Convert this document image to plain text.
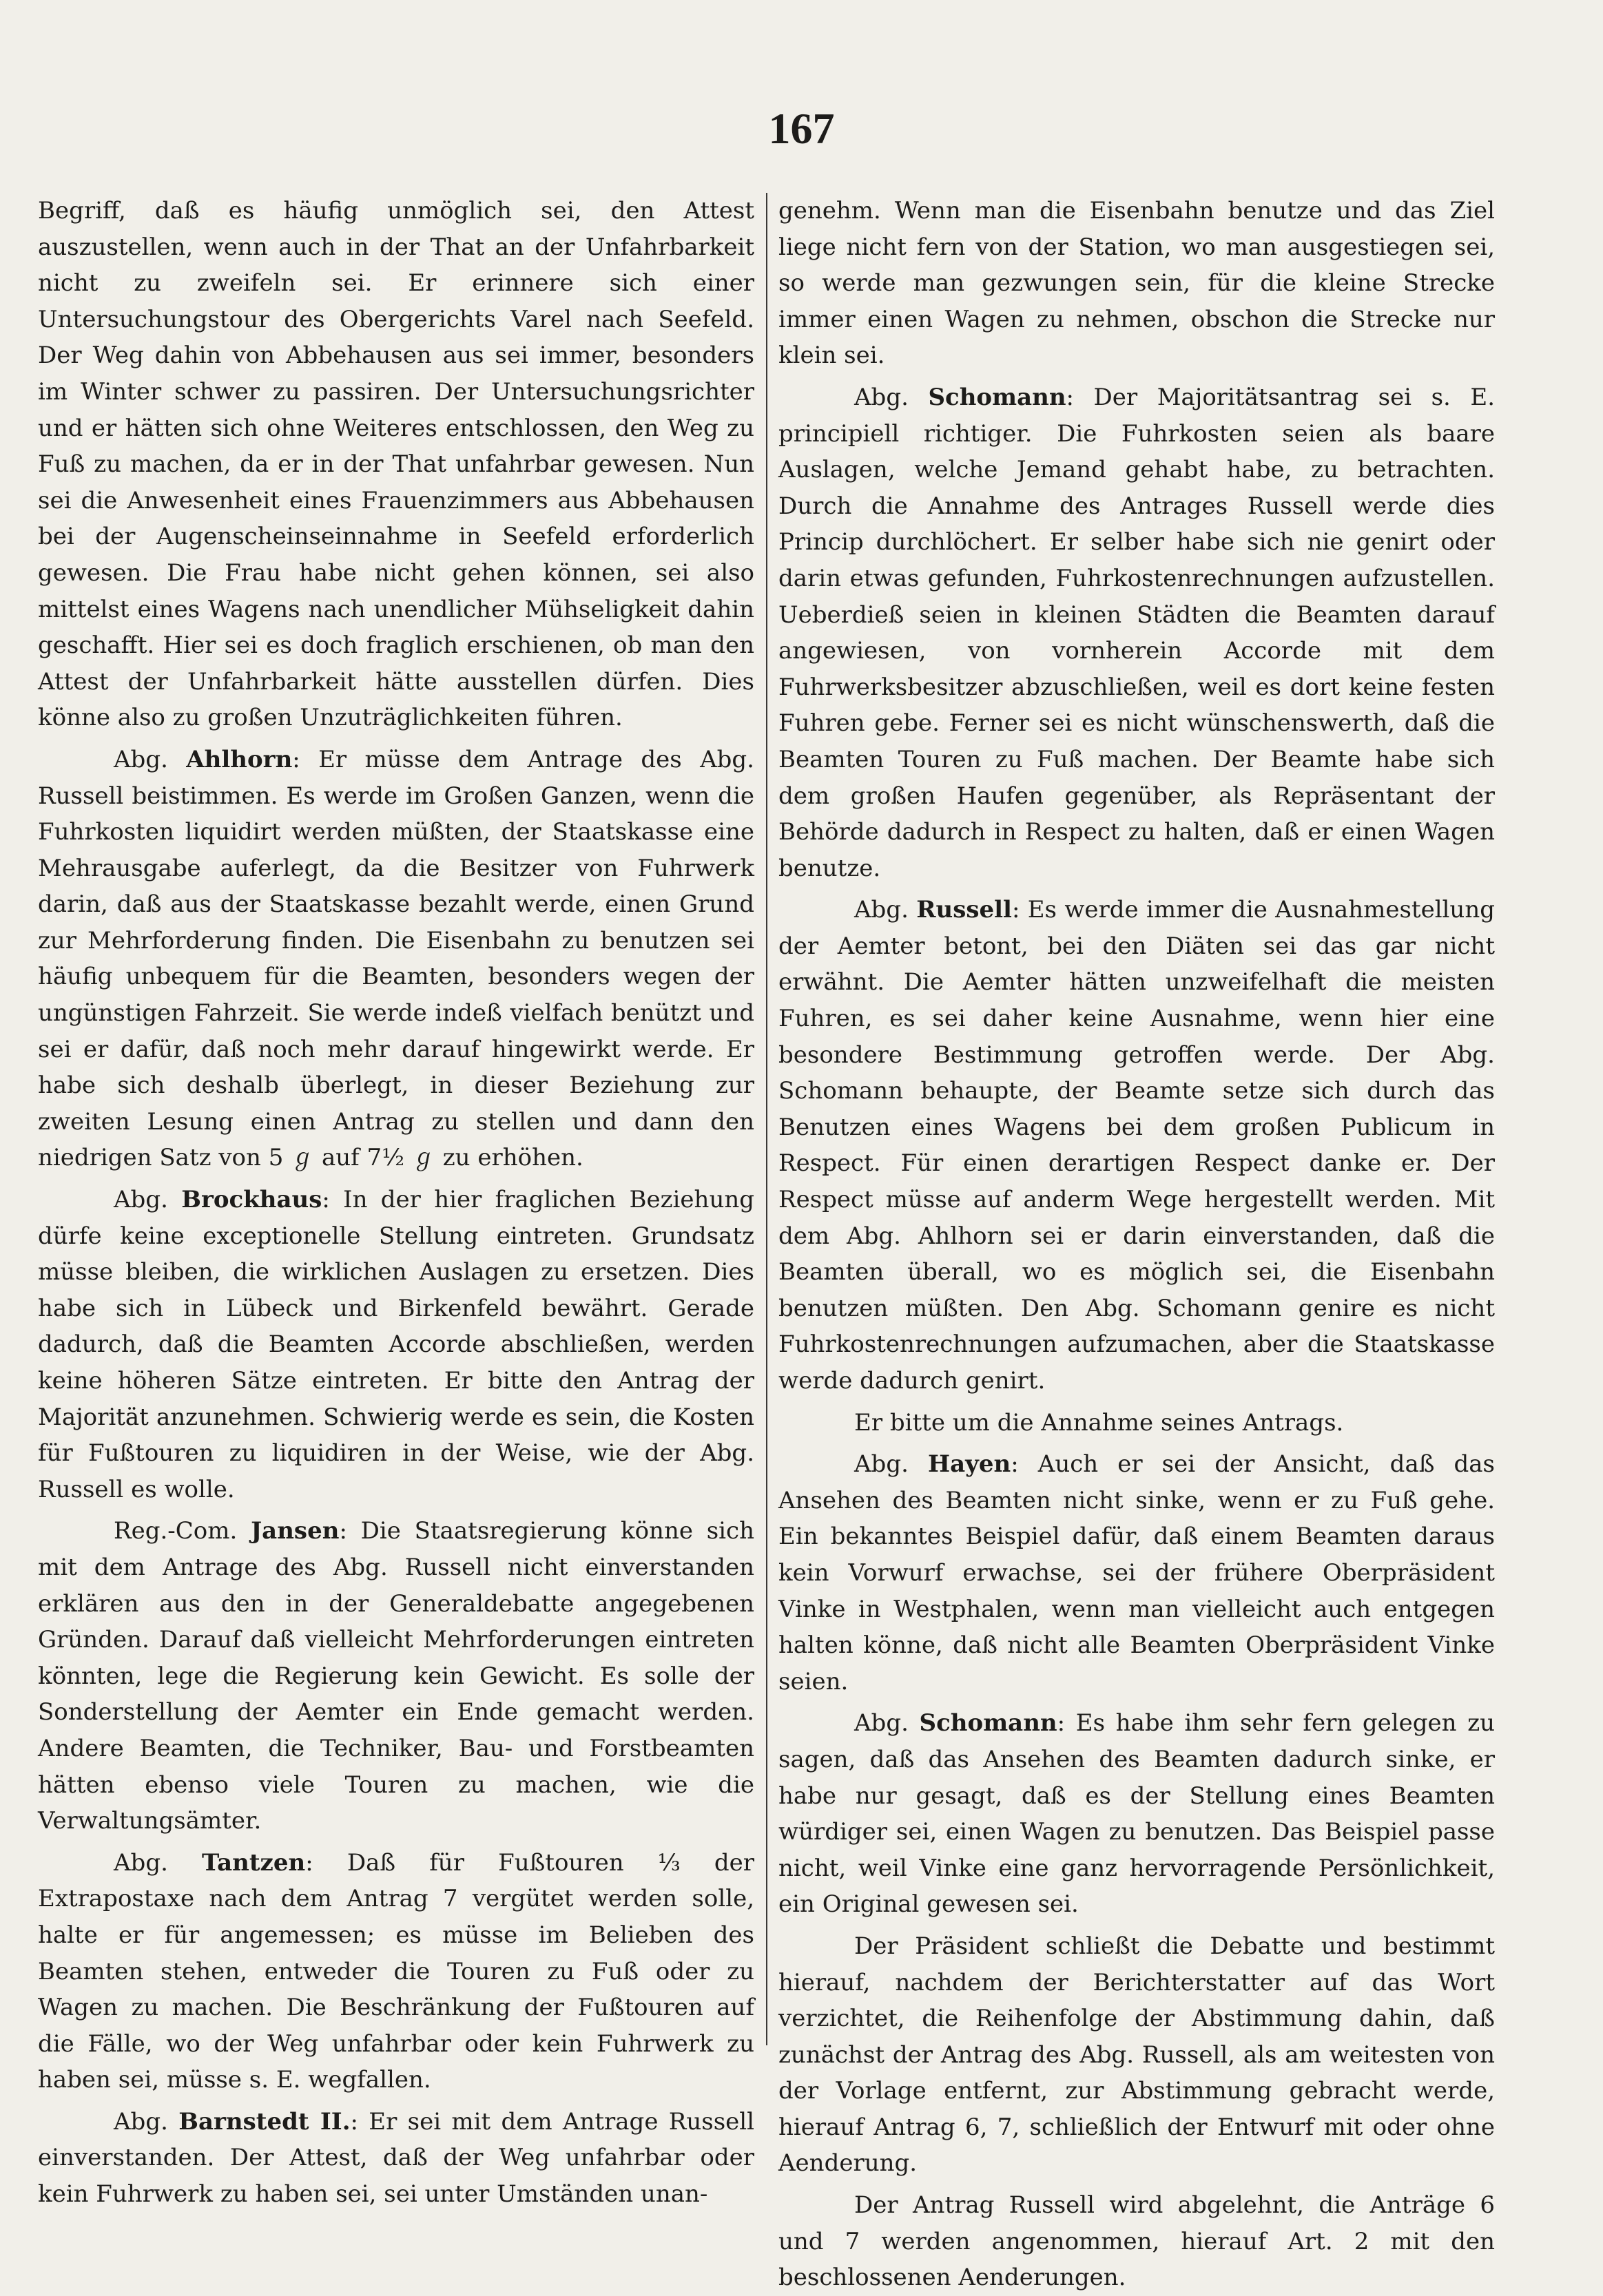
167

Begriff, daß es häufig unmöglich sei, den Attest auszustellen, wenn auch in der That an der Unfahrbarkeit nicht zu zweifeln sei. Er erinnere sich einer Untersuchungstour des Obergerichts Varel nach Seefeld. Der Weg dahin von Abbehausen aus sei immer, besonders im Winter schwer zu passiren. Der Untersuchungsrichter und er hätten sich ohne Weiteres entschlossen, den Weg zu Fuß zu machen, da er in der That unfahrbar gewesen. Nun sei die Anwesenheit eines Frauenzimmers aus Abbehausen bei der Augenscheinseinnahme in Seefeld erforderlich gewesen. Die Frau habe nicht gehen können, sei also mittelst eines Wagens nach unendlicher Mühseligkeit dahin geschafft. Hier sei es doch fraglich erschienen, ob man den Attest der Unfahrbarkeit hätte ausstellen dürfen. Dies könne also zu großen Unzuträglichkeiten führen.

Abg. Ahlhorn: Er müsse dem Antrage des Abg. Russell beistimmen. Es werde im Großen Ganzen, wenn die Fuhrkosten liquidirt werden müßten, der Staatskasse eine Mehrausgabe auferlegt, da die Besitzer von Fuhrwerk darin, daß aus der Staatskasse bezahlt werde, einen Grund zur Mehrforderung finden. Die Eisenbahn zu benutzen sei häufig unbequem für die Beamten, besonders wegen der ungünstigen Fahrzeit. Sie werde indeß vielfach benützt und sei er dafür, daß noch mehr darauf hingewirkt werde. Er habe sich deshalb überlegt, in dieser Beziehung zur zweiten Lesung einen Antrag zu stellen und dann den niedrigen Satz von 5 ℊ auf 7½ ℊ zu erhöhen.

Abg. Brockhaus: In der hier fraglichen Beziehung dürfe keine exceptionelle Stellung eintreten. Grundsatz müsse bleiben, die wirklichen Auslagen zu ersetzen. Dies habe sich in Lübeck und Birkenfeld bewährt. Gerade dadurch, daß die Beamten Accorde abschließen, werden keine höheren Sätze eintreten. Er bitte den Antrag der Majorität anzunehmen. Schwierig werde es sein, die Kosten für Fußtouren zu liquidiren in der Weise, wie der Abg. Russell es wolle.

Reg.-Com. Jansen: Die Staatsregierung könne sich mit dem Antrage des Abg. Russell nicht einverstanden erklären aus den in der Generaldebatte angegebenen Gründen. Darauf daß vielleicht Mehrforderungen eintreten könnten, lege die Regierung kein Gewicht. Es solle der Sonderstellung der Aemter ein Ende gemacht werden. Andere Beamten, die Techniker, Bau- und Forstbeamten hätten ebenso viele Touren zu machen, wie die Verwaltungsämter.

Abg. Tantzen: Daß für Fußtouren ⅓ der Extrapostaxe nach dem Antrag 7 vergütet werden solle, halte er für angemessen; es müsse im Belieben des Beamten stehen, entweder die Touren zu Fuß oder zu Wagen zu machen. Die Beschränkung der Fußtouren auf die Fälle, wo der Weg unfahrbar oder kein Fuhrwerk zu haben sei, müsse s. E. wegfallen.

Abg. Barnstedt II.: Er sei mit dem Antrage Russell einverstanden. Der Attest, daß der Weg unfahrbar oder kein Fuhrwerk zu haben sei, sei unter Umständen unan-

genehm. Wenn man die Eisenbahn benutze und das Ziel liege nicht fern von der Station, wo man ausgestiegen sei, so werde man gezwungen sein, für die kleine Strecke immer einen Wagen zu nehmen, obschon die Strecke nur klein sei.

Abg. Schomann: Der Majoritätsantrag sei s. E. principiell richtiger. Die Fuhrkosten seien als baare Auslagen, welche Jemand gehabt habe, zu betrachten. Durch die Annahme des Antrages Russell werde dies Princip durchlöchert. Er selber habe sich nie genirt oder darin etwas gefunden, Fuhrkostenrechnungen aufzustellen. Ueberdieß seien in kleinen Städten die Beamten darauf angewiesen, von vornherein Accorde mit dem Fuhrwerksbesitzer abzuschließen, weil es dort keine festen Fuhren gebe. Ferner sei es nicht wünschenswerth, daß die Beamten Touren zu Fuß machen. Der Beamte habe sich dem großen Haufen gegenüber, als Repräsentant der Behörde dadurch in Respect zu halten, daß er einen Wagen benutze.

Abg. Russell: Es werde immer die Ausnahmestellung der Aemter betont, bei den Diäten sei das gar nicht erwähnt. Die Aemter hätten unzweifelhaft die meisten Fuhren, es sei daher keine Ausnahme, wenn hier eine besondere Bestimmung getroffen werde. Der Abg. Schomann behaupte, der Beamte setze sich durch das Benutzen eines Wagens bei dem großen Publicum in Respect. Für einen derartigen Respect danke er. Der Respect müsse auf anderm Wege hergestellt werden. Mit dem Abg. Ahlhorn sei er darin einverstanden, daß die Beamten überall, wo es möglich sei, die Eisenbahn benutzen müßten. Den Abg. Schomann genire es nicht Fuhrkostenrechnungen aufzumachen, aber die Staatskasse werde dadurch genirt.

Er bitte um die Annahme seines Antrags.

Abg. Hayen: Auch er sei der Ansicht, daß das Ansehen des Beamten nicht sinke, wenn er zu Fuß gehe. Ein bekanntes Beispiel dafür, daß einem Beamten daraus kein Vorwurf erwachse, sei der frühere Oberpräsident Vinke in Westphalen, wenn man vielleicht auch entgegen halten könne, daß nicht alle Beamten Oberpräsident Vinke seien.

Abg. Schomann: Es habe ihm sehr fern gelegen zu sagen, daß das Ansehen des Beamten dadurch sinke, er habe nur gesagt, daß es der Stellung eines Beamten würdiger sei, einen Wagen zu benutzen. Das Beispiel passe nicht, weil Vinke eine ganz hervorragende Persönlichkeit, ein Original gewesen sei.

Der Präsident schließt die Debatte und bestimmt hierauf, nachdem der Berichterstatter auf das Wort verzichtet, die Reihenfolge der Abstimmung dahin, daß zunächst der Antrag des Abg. Russell, als am weitesten von der Vorlage entfernt, zur Abstimmung gebracht werde, hierauf Antrag 6, 7, schließlich der Entwurf mit oder ohne Aenderung.

Der Antrag Russell wird abgelehnt, die Anträge 6 und 7 werden angenommen, hierauf Art. 2 mit den beschlossenen Aenderungen.
